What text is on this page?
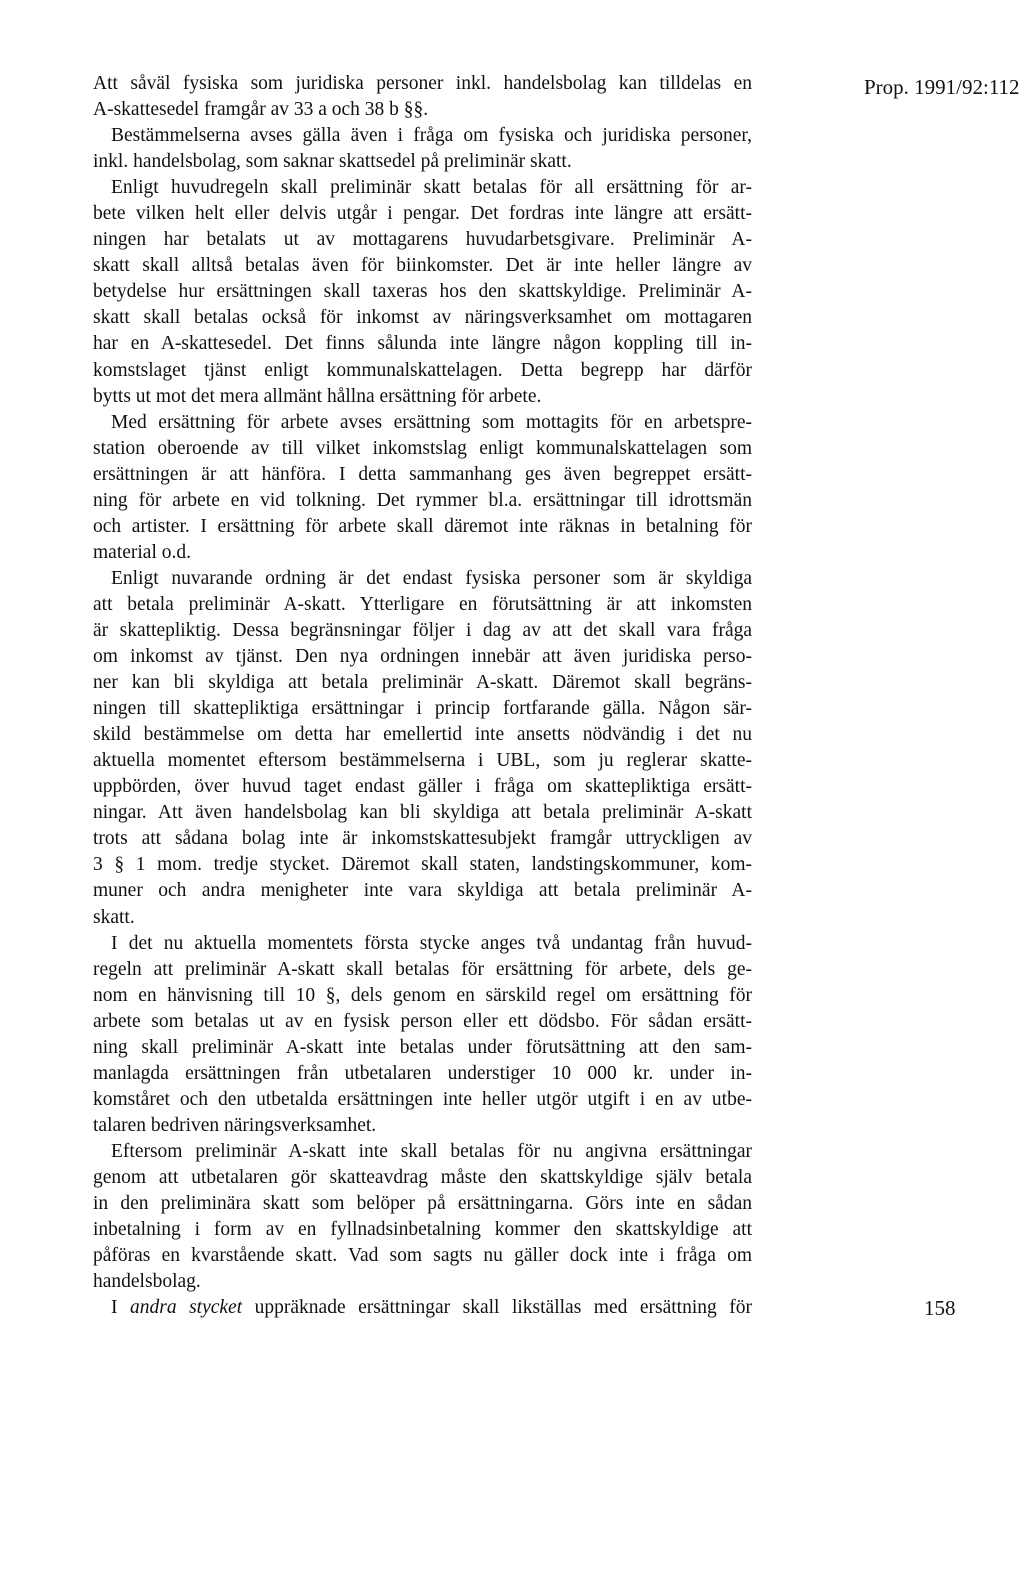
Prop. 1991/92:112
Att såväl fysiska som juridiska personer inkl. handelsbolag kan tilldelas en
A-skattesedel framgår av 33 a och 38 b §§.
Bestämmelserna avses gälla även i fråga om fysiska och juridiska personer,
inkl. handelsbolag, som saknar skattsedel på preliminär skatt.
Enligt huvudregeln skall preliminär skatt betalas för all ersättning för ar-
bete vilken helt eller delvis utgår i pengar. Det fordras inte längre att ersätt-
ningen har betalats ut av mottagarens huvudarbetsgivare. Preliminär A-
skatt skall alltså betalas även för biinkomster. Det är inte heller längre av
betydelse hur ersättningen skall taxeras hos den skattskyldige. Preliminär A-
skatt skall betalas också för inkomst av näringsverksamhet om mottagaren
har en A-skattesedel. Det finns sålunda inte längre någon koppling till in-
komstslaget tjänst enligt kommunalskattelagen. Detta begrepp har därför
bytts ut mot det mera allmänt hållna ersättning för arbete.
Med ersättning för arbete avses ersättning som mottagits för en arbetspre-
station oberoende av till vilket inkomstslag enligt kommunalskattelagen som
ersättningen är att hänföra. I detta sammanhang ges även begreppet ersätt-
ning för arbete en vid tolkning. Det rymmer bl.a. ersättningar till idrottsmän
och artister. I ersättning för arbete skall däremot inte räknas in betalning för
material o.d.
Enligt nuvarande ordning är det endast fysiska personer som är skyldiga
att betala preliminär A-skatt. Ytterligare en förutsättning är att inkomsten
är skattepliktig. Dessa begränsningar följer i dag av att det skall vara fråga
om inkomst av tjänst. Den nya ordningen innebär att även juridiska perso-
ner kan bli skyldiga att betala preliminär A-skatt. Däremot skall begräns-
ningen till skattepliktiga ersättningar i princip fortfarande gälla. Någon sär-
skild bestämmelse om detta har emellertid inte ansetts nödvändig i det nu
aktuella momentet eftersom bestämmelserna i UBL, som ju reglerar skatte-
uppbörden, över huvud taget endast gäller i fråga om skattepliktiga ersätt-
ningar. Att även handelsbolag kan bli skyldiga att betala preliminär A-skatt
trots att sådana bolag inte är inkomstskattesubjekt framgår uttryckligen av
3 § 1 mom. tredje stycket. Däremot skall staten, landstingskommuner, kom-
muner och andra menigheter inte vara skyldiga att betala preliminär A-
skatt.
I det nu aktuella momentets första stycke anges två undantag från huvud-
regeln att preliminär A-skatt skall betalas för ersättning för arbete, dels ge-
nom en hänvisning till 10 §, dels genom en särskild regel om ersättning för
arbete som betalas ut av en fysisk person eller ett dödsbo. För sådan ersätt-
ning skall preliminär A-skatt inte betalas under förutsättning att den sam-
manlagda ersättningen från utbetalaren understiger 10 000 kr. under in-
komståret och den utbetalda ersättningen inte heller utgör utgift i en av utbe-
talaren bedriven näringsverksamhet.
Eftersom preliminär A-skatt inte skall betalas för nu angivna ersättningar
genom att utbetalaren gör skatteavdrag måste den skattskyldige själv betala
in den preliminära skatt som belöper på ersättningarna. Görs inte en sådan
inbetalning i form av en fyllnadsinbetalning kommer den skattskyldige att
påföras en kvarstående skatt. Vad som sagts nu gäller dock inte i fråga om
handelsbolag.
I andra stycket uppräknade ersättningar skall likställas med ersättning för	158
